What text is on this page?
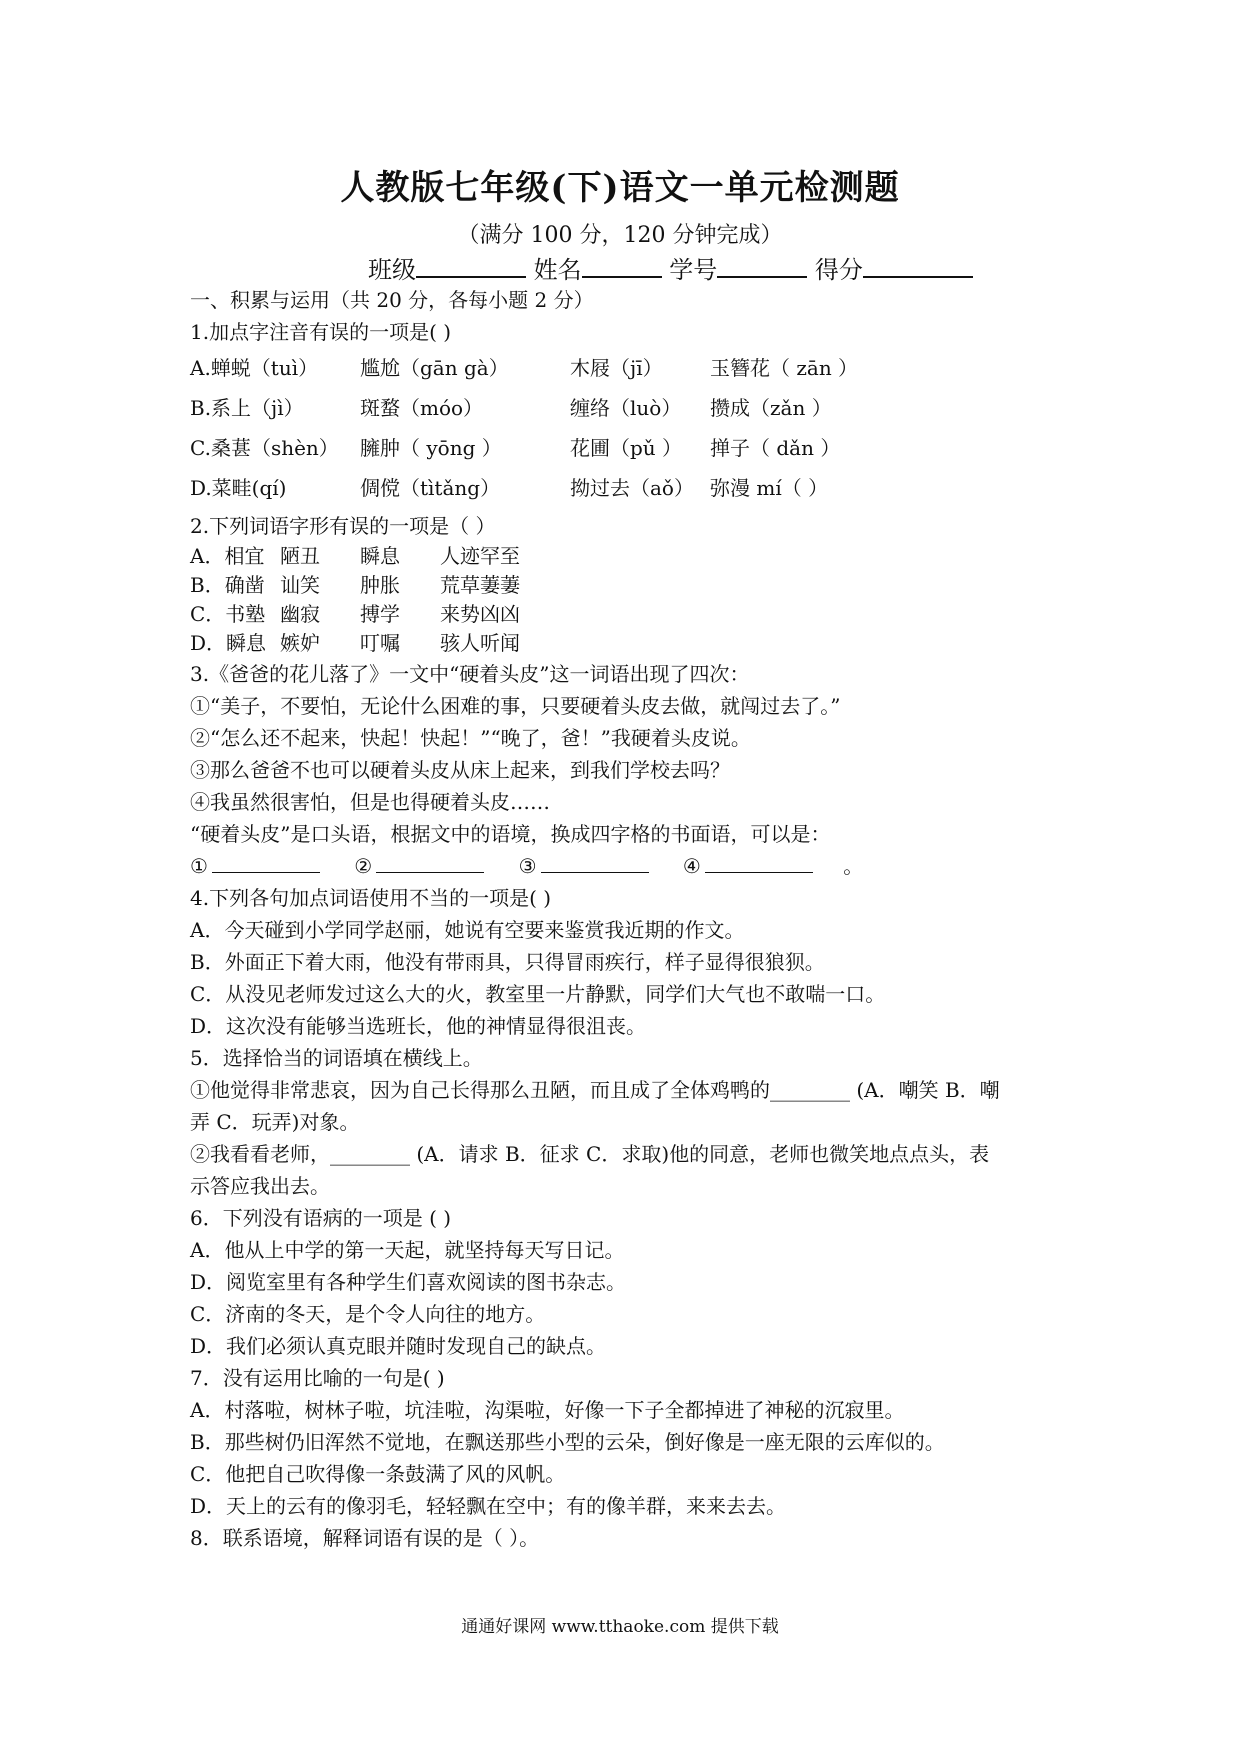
人教版七年级(下)语文一单元检测题
（满分 100 分，120 分钟完成）
班级	姓名	学号	得分
一、积累与运用（共 20 分，各每小题 2 分）
1.加点字注音有误的一项是( )
A.蝉蜕（tuì）	尴尬（gān gà）	木屐（jī）	玉簪花（ zān ）
B.系上（jì）	斑蝥（móo）	缠络（luò）	攒成（zǎn ）
C.桑葚（shèn）	臃肿（ yōng ）	花圃（pǔ ）	掸子（ dǎn ）
D.菜畦(qí)	倜傥（tìtǎng）	拗过去（aǒ） 弥漫 mí（ ）
2.下列词语字形有误的一项是（ ）
A．相宜 陋丑	瞬息	人迹罕至
B．确凿 讪笑	肿胀	荒草萋萋
C．书塾 幽寂	搏学	来势凶凶
D．瞬息 嫉妒	叮嘱	骇人听闻
3.《爸爸的花儿落了》一文中“硬着头皮”这一词语出现了四次：
①“美子，不要怕，无论什么困难的事，只要硬着头皮去做，就闯过去了。”
②“怎么还不起来，快起！快起！”“晚了，爸！”我硬着头皮说。
③那么爸爸不也可以硬着头皮从床上起来，到我们学校去吗？
④我虽然很害怕，但是也得硬着头皮……
“硬着头皮”是口头语，根据文中的语境，换成四字格的书面语，可以是：
①	②	③	④	。
4.下列各句加点词语使用不当的一项是( )
A．今天碰到小学同学赵丽，她说有空要来鉴赏我近期的作文。
B．外面正下着大雨，他没有带雨具，只得冒雨疾行，样子显得很狼狈。
C．从没见老师发过这么大的火，教室里一片静默，同学们大气也不敢喘一口。
D．这次没有能够当选班长，他的神情显得很沮丧。
5．选择恰当的词语填在横线上。
①他觉得非常悲哀，因为自己长得那么丑陋，而且成了全体鸡鸭的________ (A．嘲笑 B．嘲
弄 C．玩弄)对象。
②我看看老师，________ (A．请求 B．征求 C．求取)他的同意，老师也微笑地点点头，表
示答应我出去。
6．下列没有语病的一项是 ( )
A．他从上中学的第一天起，就坚持每天写日记。
D．阅览室里有各种学生们喜欢阅读的图书杂志。
C．济南的冬天，是个令人向往的地方。
D．我们必须认真克眼并随时发现自己的缺点。
7．没有运用比喻的一句是( )
A．村落啦，树林子啦，坑洼啦，沟渠啦，好像一下子全都掉进了神秘的沉寂里。
B．那些树仍旧浑然不觉地，在飘送那些小型的云朵，倒好像是一座无限的云库似的。
C．他把自己吹得像一条鼓满了风的风帆。
D．天上的云有的像羽毛，轻轻飘在空中；有的像羊群，来来去去。
8．联系语境，解释词语有误的是（ ）。
通通好课网 www.tthaoke.com 提供下载
